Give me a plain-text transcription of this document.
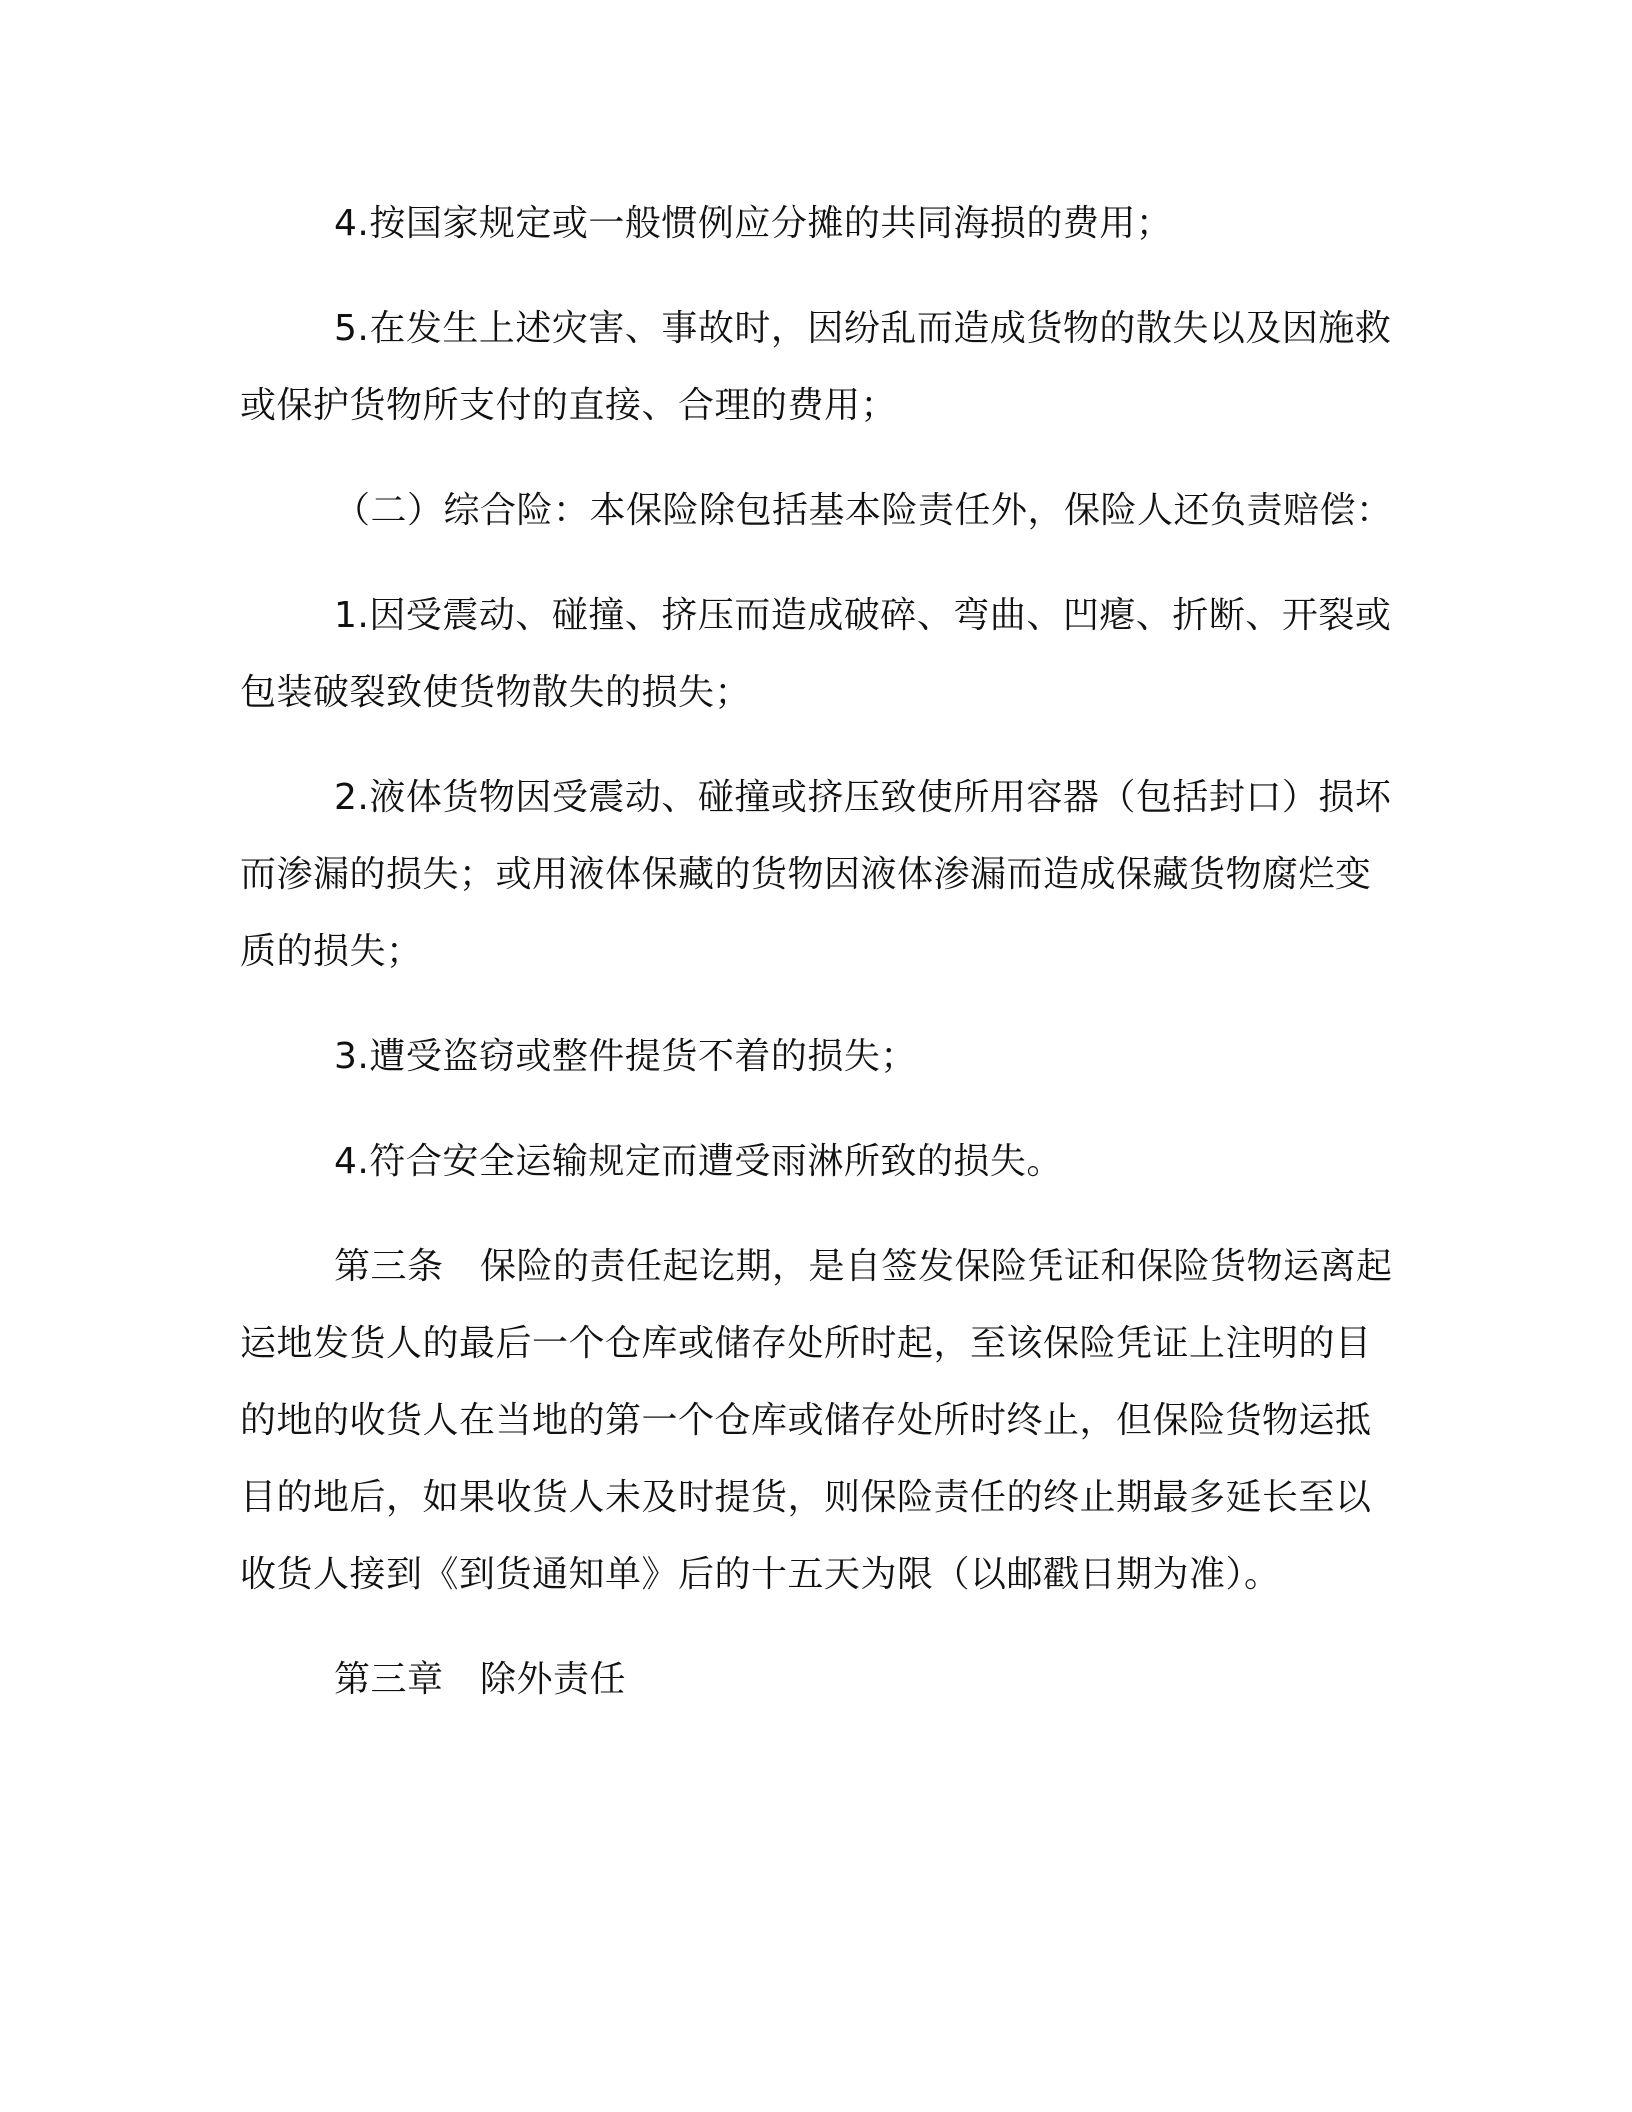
4.按国家规定或一般惯例应分摊的共同海损的费用；

5.在发生上述灾害、事故时，因纷乱而造成货物的散失以及因施救或保护货物所支付的直接、合理的费用；

（二）综合险：本保险除包括基本险责任外，保险人还负责赔偿：

1.因受震动、碰撞、挤压而造成破碎、弯曲、凹瘪、折断、开裂或包装破裂致使货物散失的损失；

2.液体货物因受震动、碰撞或挤压致使所用容器（包括封口）损坏而渗漏的损失；或用液体保藏的货物因液体渗漏而造成保藏货物腐烂变质的损失；

3.遭受盗窃或整件提货不着的损失；

4.符合安全运输规定而遭受雨淋所致的损失。

第三条　保险的责任起讫期，是自签发保险凭证和保险货物运离起运地发货人的最后一个仓库或储存处所时起，至该保险凭证上注明的目的地的收货人在当地的第一个仓库或储存处所时终止，但保险货物运抵目的地后，如果收货人未及时提货，则保险责任的终止期最多延长至以收货人接到《到货通知单》后的十五天为限（以邮戳日期为准）。

第三章　除外责任
